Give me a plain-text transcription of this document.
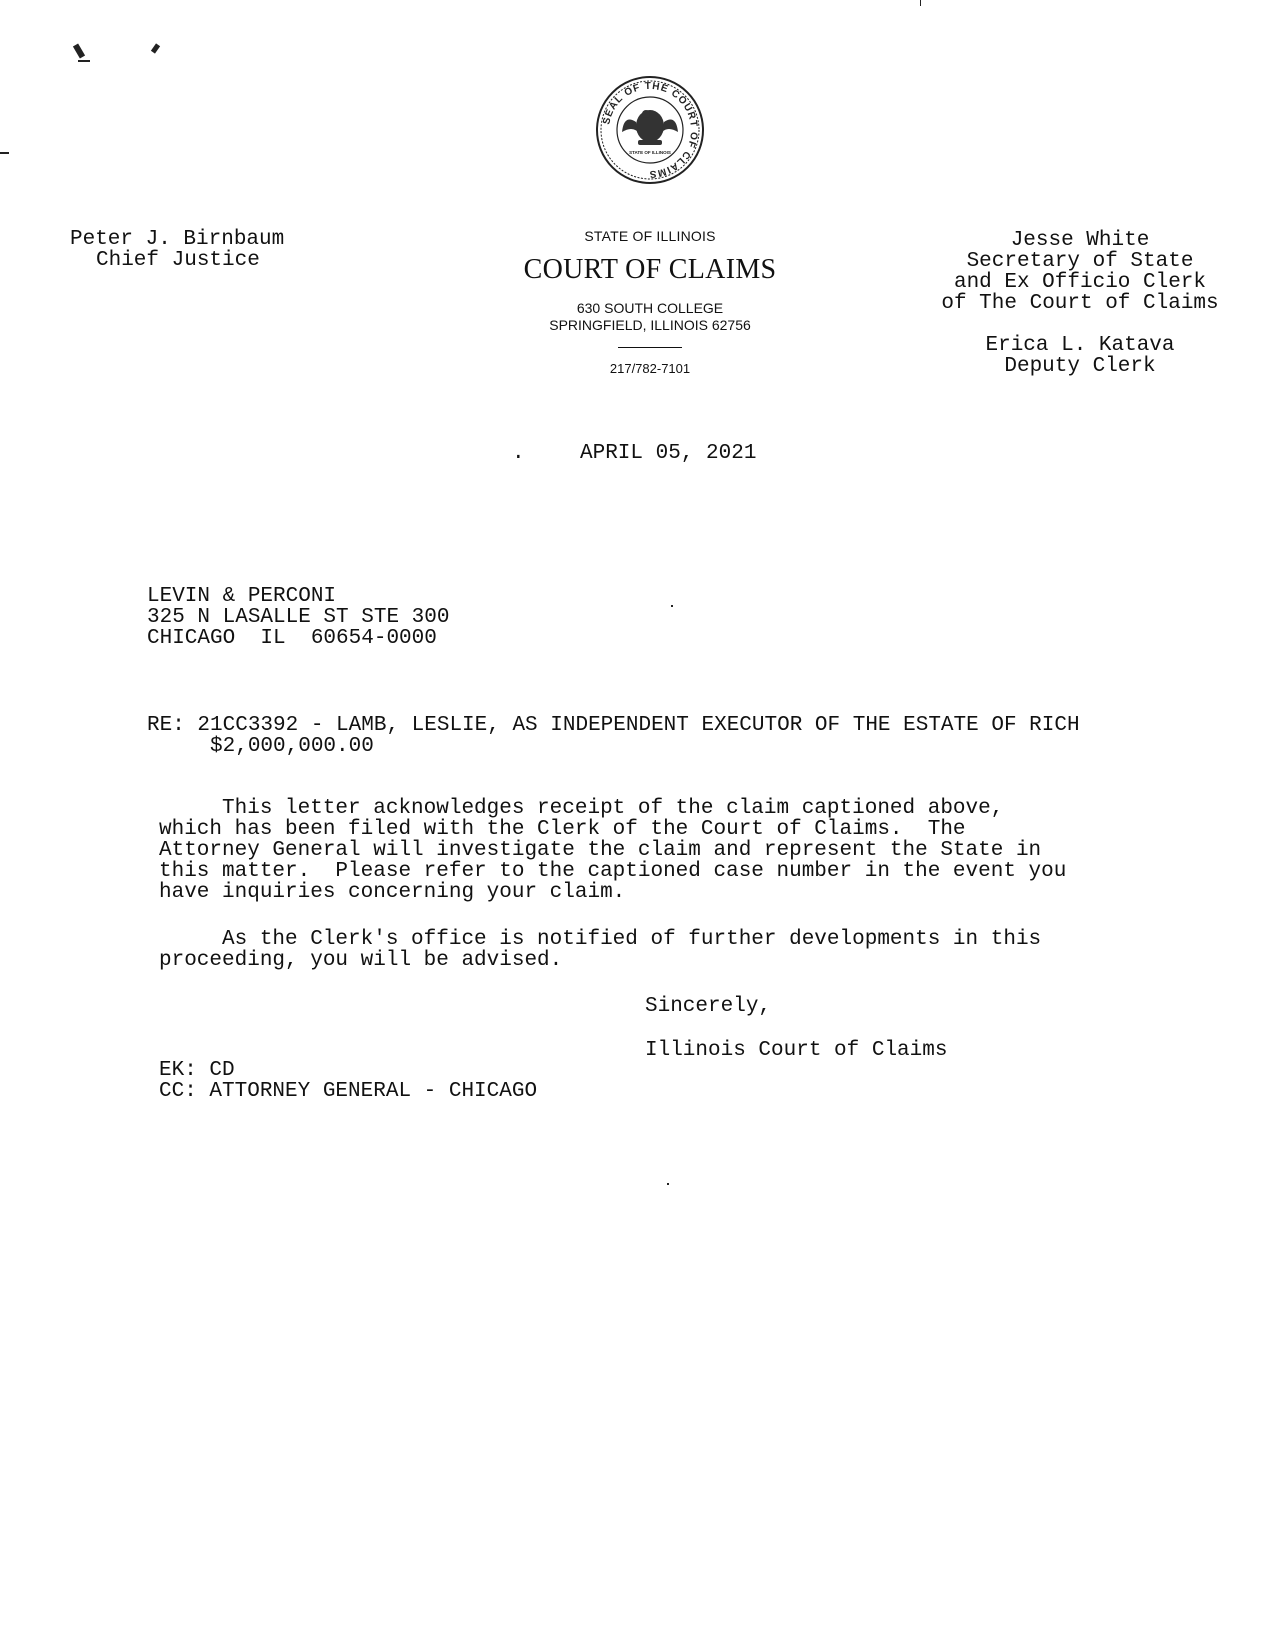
SEAL OF THE COURT OF CLAIMS
STATE OF ILLINOIS
Peter J. Birnbaum
Chief Justice
STATE OF ILLINOIS
COURT OF CLAIMS
630 SOUTH COLLEGE
SPRINGFIELD, ILLINOIS 62756
217/782-7101
Jesse White
Secretary of State
and Ex Officio Clerk
of The Court of Claims
Erica L. Katava
Deputy Clerk
.	APRIL 05, 2021
LEVIN & PERCONI
325 N LASALLE ST STE 300
CHICAGO  IL  60654-0000
RE: 21CC3392 - LAMB, LESLIE, AS INDEPENDENT EXECUTOR OF THE ESTATE OF RICH
$2,000,000.00
This letter acknowledges receipt of the claim captioned above,
which has been filed with the Clerk of the Court of Claims.  The
Attorney General will investigate the claim and represent the State in
this matter.  Please refer to the captioned case number in the event you
have inquiries concerning your claim.
As the Clerk's office is notified of further developments in this
proceeding, you will be advised.
Sincerely,
Illinois Court of Claims
EK: CD
CC: ATTORNEY GENERAL - CHICAGO
